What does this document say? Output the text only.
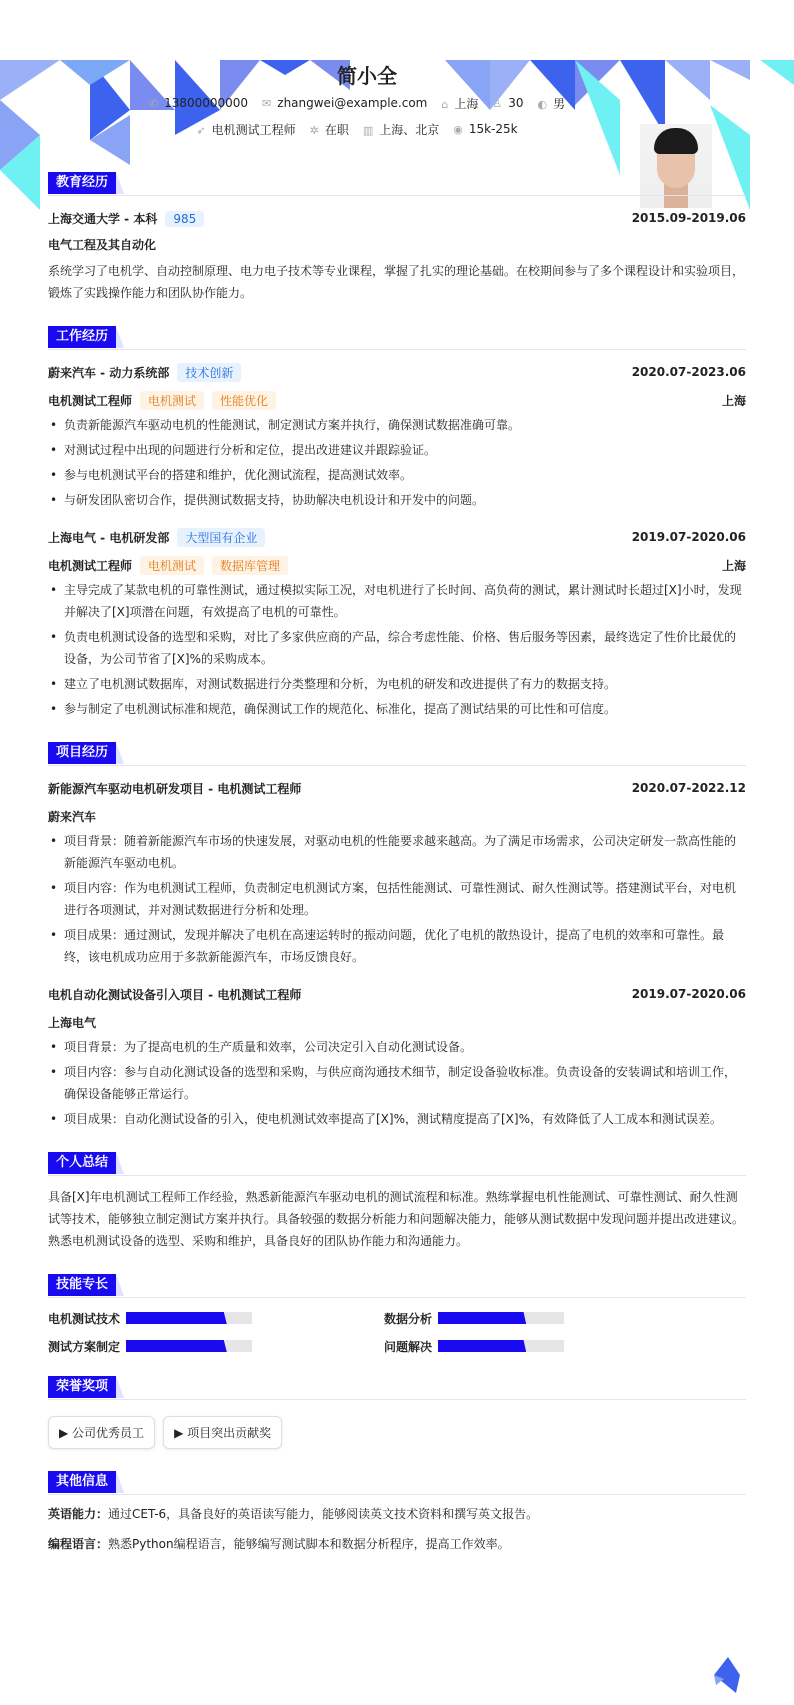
简小全
✆ 13800000000 ✉ zhangwei@example.com ⌂ 上海 ♙ 30 ◐ 男
➶ 电机测试工程师 ✲ 在职 ▥ 上海、北京 ◉ 15k-25k
教育经历
上海交通大学 - 本科 985	2015.09-2019.06
电气工程及其自动化

系统学习了电机学、自动控制原理、电力电子技术等专业课程，掌握了扎实的理论基础。在校期间参与了多个课程设计和实验项目，锻炼了实践操作能力和团队协作能力。

工作经历
蔚来汽车 - 动力系统部 技术创新	2020.07-2023.06
电机测试工程师 电机测试 性能优化	上海
• 负责新能源汽车驱动电机的性能测试，制定测试方案并执行，确保测试数据准确可靠。
• 对测试过程中出现的问题进行分析和定位，提出改进建议并跟踪验证。
• 参与电机测试平台的搭建和维护，优化测试流程，提高测试效率。
• 与研发团队密切合作，提供测试数据支持，协助解决电机设计和开发中的问题。
上海电气 - 电机研发部 大型国有企业	2019.07-2020.06
电机测试工程师 电机测试 数据库管理	上海
• 主导完成了某款电机的可靠性测试，通过模拟实际工况，对电机进行了长时间、高负荷的测试，累计测试时长超过[X]小时，发现并解决了[X]项潜在问题，有效提高了电机的可靠性。
• 负责电机测试设备的选型和采购，对比了多家供应商的产品，综合考虑性能、价格、售后服务等因素，最终选定了性价比最优的设备，为公司节省了[X]%的采购成本。
• 建立了电机测试数据库，对测试数据进行分类整理和分析，为电机的研发和改进提供了有力的数据支持。
• 参与制定了电机测试标准和规范，确保测试工作的规范化、标准化，提高了测试结果的可比性和可信度。
项目经历
新能源汽车驱动电机研发项目 - 电机测试工程师	2020.07-2022.12
蔚来汽车
• 项目背景：随着新能源汽车市场的快速发展，对驱动电机的性能要求越来越高。为了满足市场需求，公司决定研发一款高性能的新能源汽车驱动电机。
• 项目内容：作为电机测试工程师，负责制定电机测试方案，包括性能测试、可靠性测试、耐久性测试等。搭建测试平台，对电机进行各项测试，并对测试数据进行分析和处理。
• 项目成果：通过测试，发现并解决了电机在高速运转时的振动问题，优化了电机的散热设计，提高了电机的效率和可靠性。最终，该电机成功应用于多款新能源汽车，市场反馈良好。
电机自动化测试设备引入项目 - 电机测试工程师	2019.07-2020.06
上海电气
• 项目背景：为了提高电机的生产质量和效率，公司决定引入自动化测试设备。
• 项目内容：参与自动化测试设备的选型和采购，与供应商沟通技术细节，制定设备验收标准。负责设备的安装调试和培训工作，确保设备能够正常运行。
• 项目成果：自动化测试设备的引入，使电机测试效率提高了[X]%，测试精度提高了[X]%，有效降低了人工成本和测试误差。
个人总结

具备[X]年电机测试工程师工作经验，熟悉新能源汽车驱动电机的测试流程和标准。熟练掌握电机性能测试、可靠性测试、耐久性测试等技术，能够独立制定测试方案并执行。具备较强的数据分析能力和问题解决能力，能够从测试数据中发现问题并提出改进建议。熟悉电机测试设备的选型、采购和维护，具备良好的团队协作能力和沟通能力。

技能专长
电机测试技术	数据分析
测试方案制定	问题解决
荣誉奖项
▶ 公司优秀员工	▶ 项目突出贡献奖
其他信息
英语能力：通过CET-6，具备良好的英语读写能力，能够阅读英文技术资料和撰写英文报告。
编程语言：熟悉Python编程语言，能够编写测试脚本和数据分析程序，提高工作效率。
